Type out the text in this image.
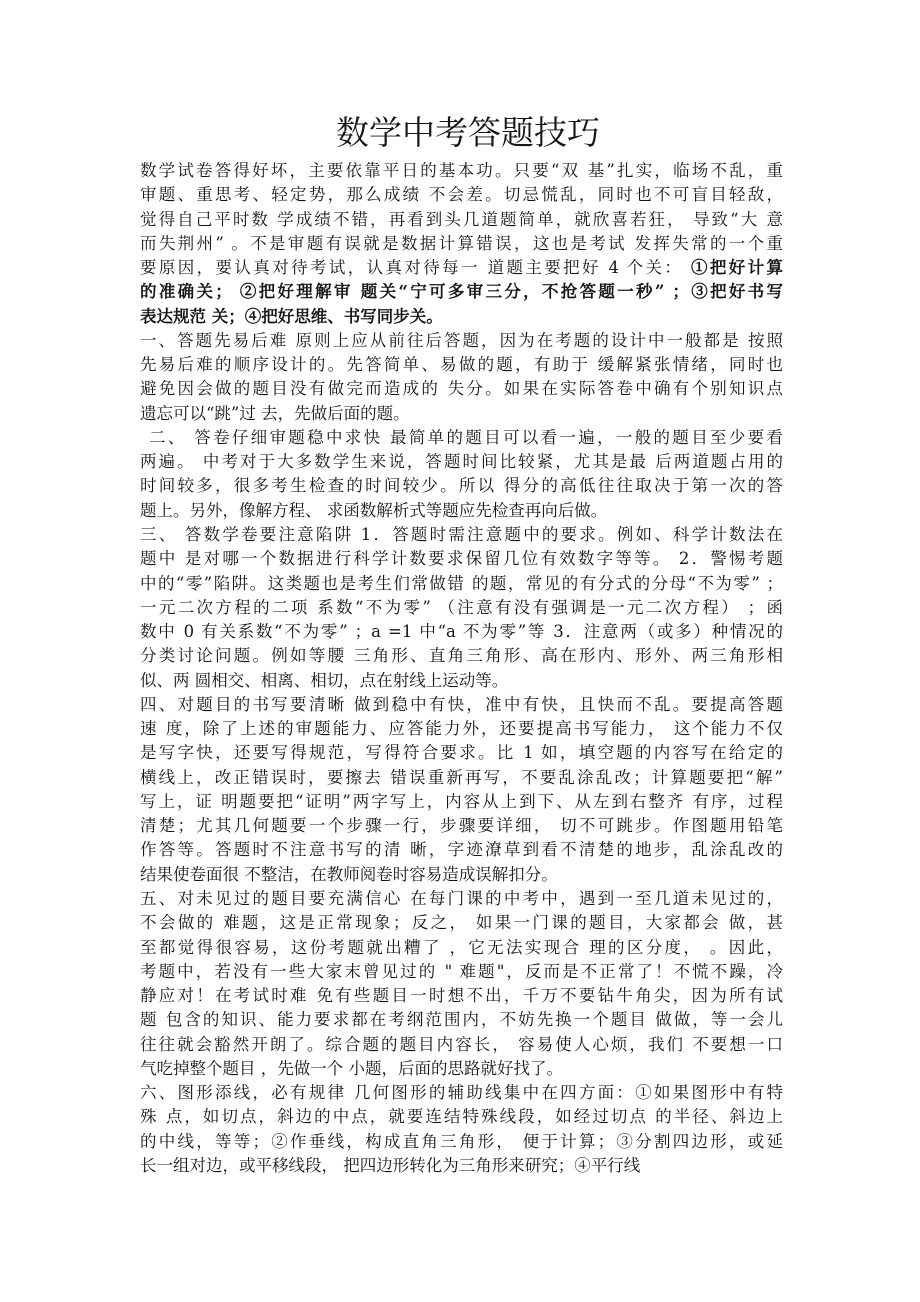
数学中考答题技巧
数学试卷答得好坏，主要依靠平日的基本功。只要“双 基”扎实，临场不乱，重
审题、重思考、轻定势，那么成绩 不会差。切忌慌乱，同时也不可盲目轻敌，
觉得自己平时数 学成绩不错，再看到头几道题简单，就欣喜若狂， 导致“大 意
而失荆州” 。不是审题有误就是数据计算错误，这也是考试 发挥失常的一个重
要原因，要认真对待考试，认真对待每一 道题主要把好 4 个关： ①把好计算
的准确关； ②把好理解审 题关“宁可多审三分，不抢答题一秒” ；③把好书写
表达规范 关；④把好思维、书写同步关。
一、答题先易后难 原则上应从前往后答题，因为在考题的设计中一般都是 按照
先易后难的顺序设计的。先答简单、易做的题，有助于 缓解紧张情绪，同时也
避免因会做的题目没有做完而造成的 失分。如果在实际答卷中确有个别知识点
遗忘可以“跳”过 去，先做后面的题。
二、 答卷仔细审题稳中求快 最简单的题目可以看一遍，一般的题目至少要看
两遍。 中考对于大多数学生来说，答题时间比较紧，尤其是最 后两道题占用的
时间较多，很多考生检查的时间较少。所以 得分的高低往往取决于第一次的答
题上。另外，像解方程、 求函数解析式等题应先检查再向后做。
三、 答数学卷要注意陷阱 1．答题时需注意题中的要求。例如、科学计数法在
题中 是对哪一个数据进行科学计数要求保留几位有效数字等等。 2．警惕考题
中的“零”陷阱。这类题也是考生们常做错 的题，常见的有分式的分母“不为零” ；
一元二次方程的二项 系数“不为零” （注意有没有强调是一元二次方程） ；函
数中 0 有关系数“不为零” ；a =1 中“a 不为零”等 3．注意两（或多）种情况的
分类讨论问题。例如等腰 三角形、直角三角形、高在形内、形外、两三角形相
似、两 圆相交、相离、相切，点在射线上运动等。
四、对题目的书写要清晰 做到稳中有快，准中有快，且快而不乱。要提高答题
速 度，除了上述的审题能力、应答能力外，还要提高书写能力， 这个能力不仅
是写字快，还要写得规范，写得符合要求。比 1 如，填空题的内容写在给定的
横线上，改正错误时，要擦去 错误重新再写，不要乱涂乱改；计算题要把“解”
写上，证 明题要把“证明”两字写上，内容从上到下、从左到右整齐 有序，过程
清楚；尤其几何题要一个步骤一行，步骤要详细， 切不可跳步。作图题用铅笔
作答等。答题时不注意书写的清 晰，字迹潦草到看不清楚的地步，乱涂乱改的
结果使卷面很 不整洁，在教师阅卷时容易造成误解扣分。
五、对未见过的题目要充满信心 在每门课的中考中，遇到一至几道未见过的，
不会做的 难题，这是正常现象；反之， 如果一门课的题目，大家都会 做，甚
至都觉得很容易，这份考题就出糟了 ，它无法实现合 理的区分度， 。因此，
考题中，若没有一些大家末曾见过的 " 难题"，反而是不正常了！不慌不躁，冷
静应对！在考试时难 免有些题目一时想不出，千万不要钻牛角尖，因为所有试
题 包含的知识、能力要求都在考纲范围内，不妨先换一个题目 做做，等一会儿
往往就会豁然开朗了。综合题的题目内容长， 容易使人心烦，我们 不要想一口
气吃掉整个题目 ，先做一个 小题，后面的思路就好找了。
六、图形添线，必有规律 几何图形的辅助线集中在四方面：①如果图形中有特
殊 点，如切点，斜边的中点，就要连结特殊线段，如经过切点 的半径、斜边上
的中线，等等；②作垂线，构成直角三角形， 便于计算；③分割四边形，或延
长一组对边，或平移线段， 把四边形转化为三角形来研究；④平行线
